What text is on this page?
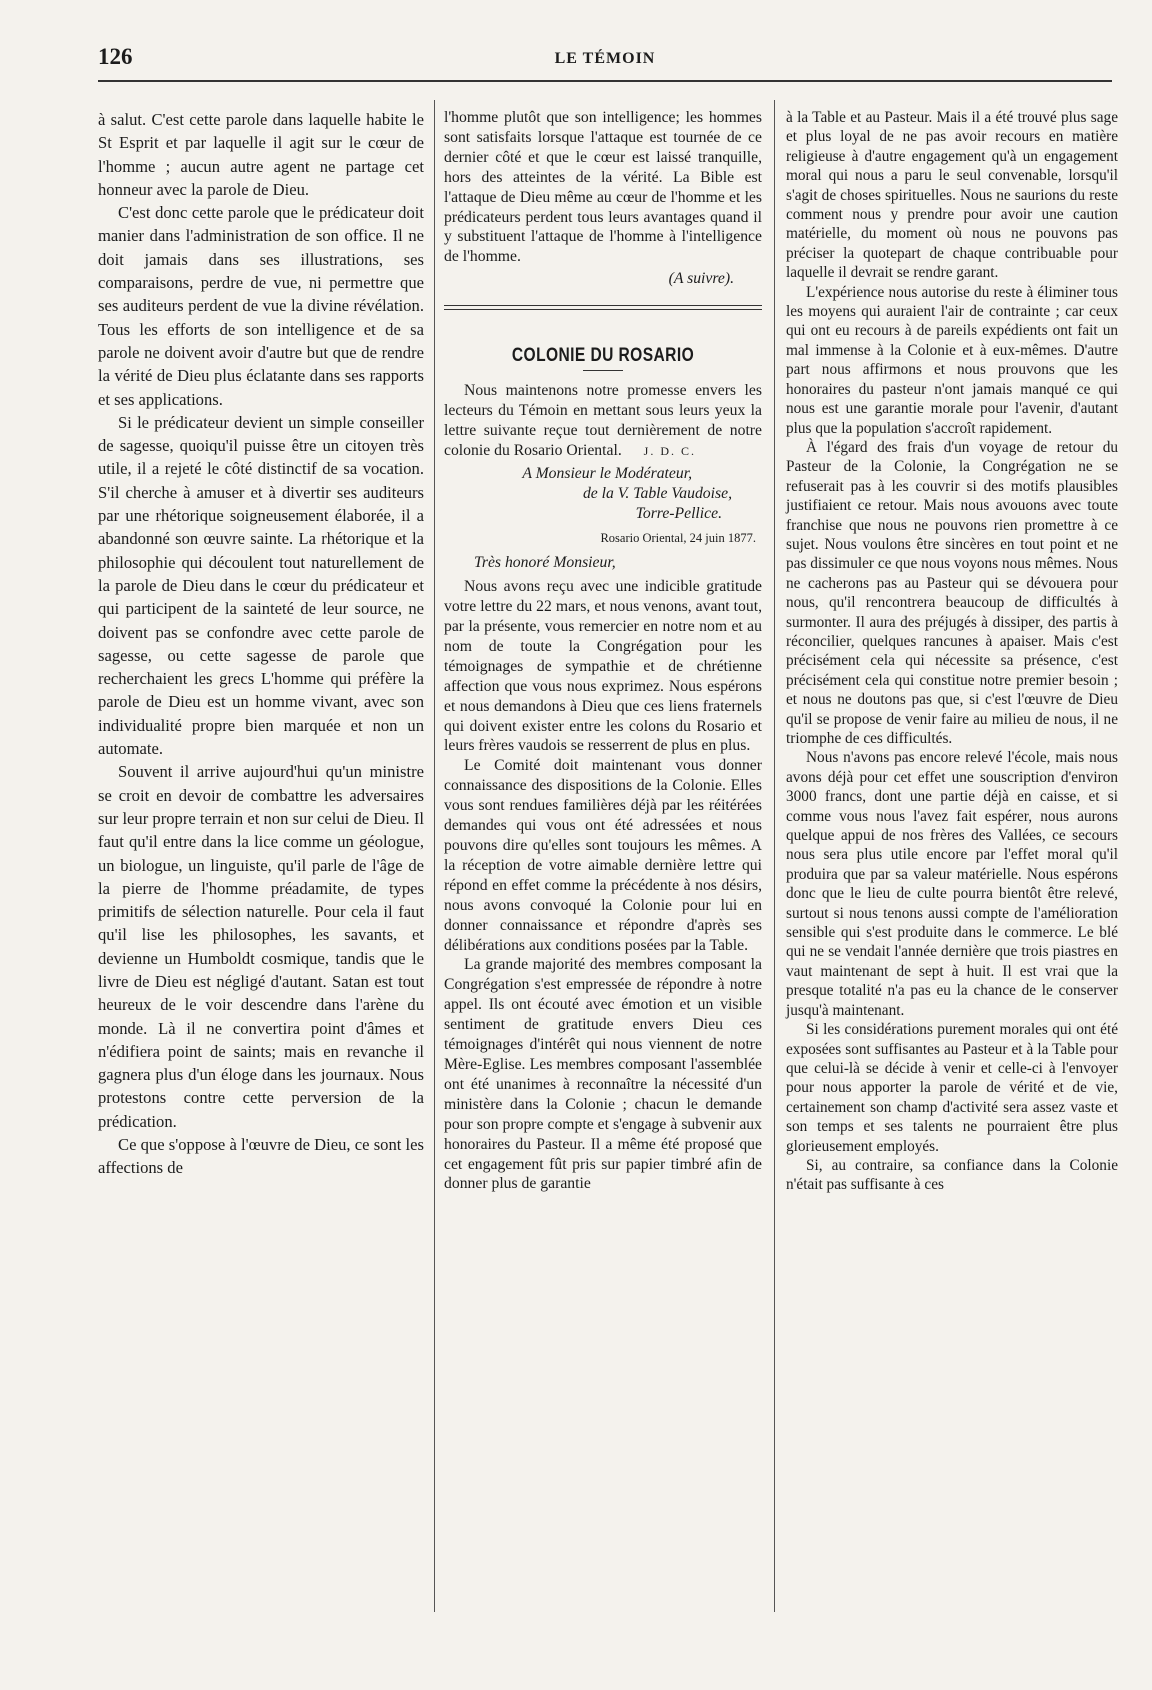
126	LE TÉMOIN

à salut. C'est cette parole dans laquelle habite le St Esprit et par laquelle il agit sur le cœur de l'homme ; aucun autre agent ne partage cet honneur avec la parole de Dieu.

C'est donc cette parole que le prédicateur doit manier dans l'administration de son office. Il ne doit jamais dans ses illustrations, ses comparaisons, perdre de vue, ni permettre que ses auditeurs perdent de vue la divine révélation. Tous les efforts de son intelligence et de sa parole ne doivent avoir d'autre but que de rendre la vérité de Dieu plus éclatante dans ses rapports et ses applications.

Si le prédicateur devient un simple conseiller de sagesse, quoiqu'il puisse être un citoyen très utile, il a rejeté le côté distinctif de sa vocation. S'il cherche à amuser et à divertir ses auditeurs par une rhétorique soigneusement élaborée, il a abandonné son œuvre sainte. La rhétorique et la philosophie qui découlent tout naturellement de la parole de Dieu dans le cœur du prédicateur et qui participent de la sainteté de leur source, ne doivent pas se confondre avec cette parole de sagesse, ou cette sagesse de parole que recherchaient les grecs L'homme qui préfère la parole de Dieu est un homme vivant, avec son individualité propre bien marquée et non un automate.

Souvent il arrive aujourd'hui qu'un ministre se croit en devoir de combattre les adversaires sur leur propre terrain et non sur celui de Dieu. Il faut qu'il entre dans la lice comme un géologue, un biologue, un linguiste, qu'il parle de l'âge de la pierre de l'homme préadamite, de types primitifs de sélection naturelle. Pour cela il faut qu'il lise les philosophes, les savants, et devienne un Humboldt cosmique, tandis que le livre de Dieu est négligé d'autant. Satan est tout heureux de le voir descendre dans l'arène du monde. Là il ne convertira point d'âmes et n'édifiera point de saints; mais en revanche il gagnera plus d'un éloge dans les journaux. Nous protestons contre cette perversion de la prédication.

Ce que s'oppose à l'œuvre de Dieu, ce sont les affections de

l'homme plutôt que son intelligence; les hommes sont satisfaits lorsque l'attaque est tournée de ce dernier côté et que le cœur est laissé tranquille, hors des atteintes de la vérité. La Bible est l'attaque de Dieu même au cœur de l'homme et les prédicateurs perdent tous leurs avantages quand il y substituent l'attaque de l'homme à l'intelligence de l'homme.

(A suivre).

COLONIE DU ROSARIO

Nous maintenons notre promesse envers les lecteurs du Témoin en mettant sous leurs yeux la lettre suivante reçue tout dernièrement de notre colonie du Rosario Oriental. J. D. C.

A Monsieur le Modérateur,
de la V. Table Vaudoise,
Torre-Pellice.
Rosario Oriental, 24 juin 1877.
Très honoré Monsieur,

Nous avons reçu avec une indicible gratitude votre lettre du 22 mars, et nous venons, avant tout, par la présente, vous remercier en notre nom et au nom de toute la Congrégation pour les témoignages de sympathie et de chrétienne affection que vous nous exprimez. Nous espérons et nous demandons à Dieu que ces liens fraternels qui doivent exister entre les colons du Rosario et leurs frères vaudois se resserrent de plus en plus.

Le Comité doit maintenant vous donner connaissance des dispositions de la Colonie. Elles vous sont rendues familières déjà par les réitérées demandes qui vous ont été adressées et nous pouvons dire qu'elles sont toujours les mêmes. A la réception de votre aimable dernière lettre qui répond en effet comme la précédente à nos désirs, nous avons convoqué la Colonie pour lui en donner connaissance et répondre d'après ses délibérations aux conditions posées par la Table.

La grande majorité des membres composant la Congrégation s'est empressée de répondre à notre appel. Ils ont écouté avec émotion et un visible sentiment de gratitude envers Dieu ces témoignages d'intérêt qui nous viennent de notre Mère-Eglise. Les membres composant l'assemblée ont été unanimes à reconnaître la nécessité d'un ministère dans la Colonie ; chacun le demande pour son propre compte et s'engage à subvenir aux honoraires du Pasteur. Il a même été proposé que cet engagement fût pris sur papier timbré afin de donner plus de garantie

à la Table et au Pasteur. Mais il a été trouvé plus sage et plus loyal de ne pas avoir recours en matière religieuse à d'autre engagement qu'à un engagement moral qui nous a paru le seul convenable, lorsqu'il s'agit de choses spirituelles. Nous ne saurions du reste comment nous y prendre pour avoir une caution matérielle, du moment où nous ne pouvons pas préciser la quotepart de chaque contribuable pour laquelle il devrait se rendre garant.

L'expérience nous autorise du reste à éliminer tous les moyens qui auraient l'air de contrainte ; car ceux qui ont eu recours à de pareils expédients ont fait un mal immense à la Colonie et à eux-mêmes. D'autre part nous affirmons et nous prouvons que les honoraires du pasteur n'ont jamais manqué ce qui nous est une garantie morale pour l'avenir, d'autant plus que la population s'accroît rapidement.

À l'égard des frais d'un voyage de retour du Pasteur de la Colonie, la Congrégation ne se refuserait pas à les couvrir si des motifs plausibles justifiaient ce retour. Mais nous avouons avec toute franchise que nous ne pouvons rien promettre à ce sujet. Nous voulons être sincères en tout point et ne pas dissimuler ce que nous voyons nous mêmes. Nous ne cacherons pas au Pasteur qui se dévouera pour nous, qu'il rencontrera beaucoup de difficultés à surmonter. Il aura des préjugés à dissiper, des partis à réconcilier, quelques rancunes à apaiser. Mais c'est précisément cela qui nécessite sa présence, c'est précisément cela qui constitue notre premier besoin ; et nous ne doutons pas que, si c'est l'œuvre de Dieu qu'il se propose de venir faire au milieu de nous, il ne triomphe de ces difficultés.

Nous n'avons pas encore relevé l'école, mais nous avons déjà pour cet effet une souscription d'environ 3000 francs, dont une partie déjà en caisse, et si comme vous nous l'avez fait espérer, nous aurons quelque appui de nos frères des Vallées, ce secours nous sera plus utile encore par l'effet moral qu'il produira que par sa valeur matérielle. Nous espérons donc que le lieu de culte pourra bientôt être relevé, surtout si nous tenons aussi compte de l'amélioration sensible qui s'est produite dans le commerce. Le blé qui ne se vendait l'année dernière que trois piastres en vaut maintenant de sept à huit. Il est vrai que la presque totalité n'a pas eu la chance de le conserver jusqu'à maintenant.

Si les considérations purement morales qui ont été exposées sont suffisantes au Pasteur et à la Table pour que celui-là se décide à venir et celle-ci à l'envoyer pour nous apporter la parole de vérité et de vie, certainement son champ d'activité sera assez vaste et son temps et ses talents ne pourraient être plus glorieusement employés.

Si, au contraire, sa confiance dans la Colonie n'était pas suffisante à ces
